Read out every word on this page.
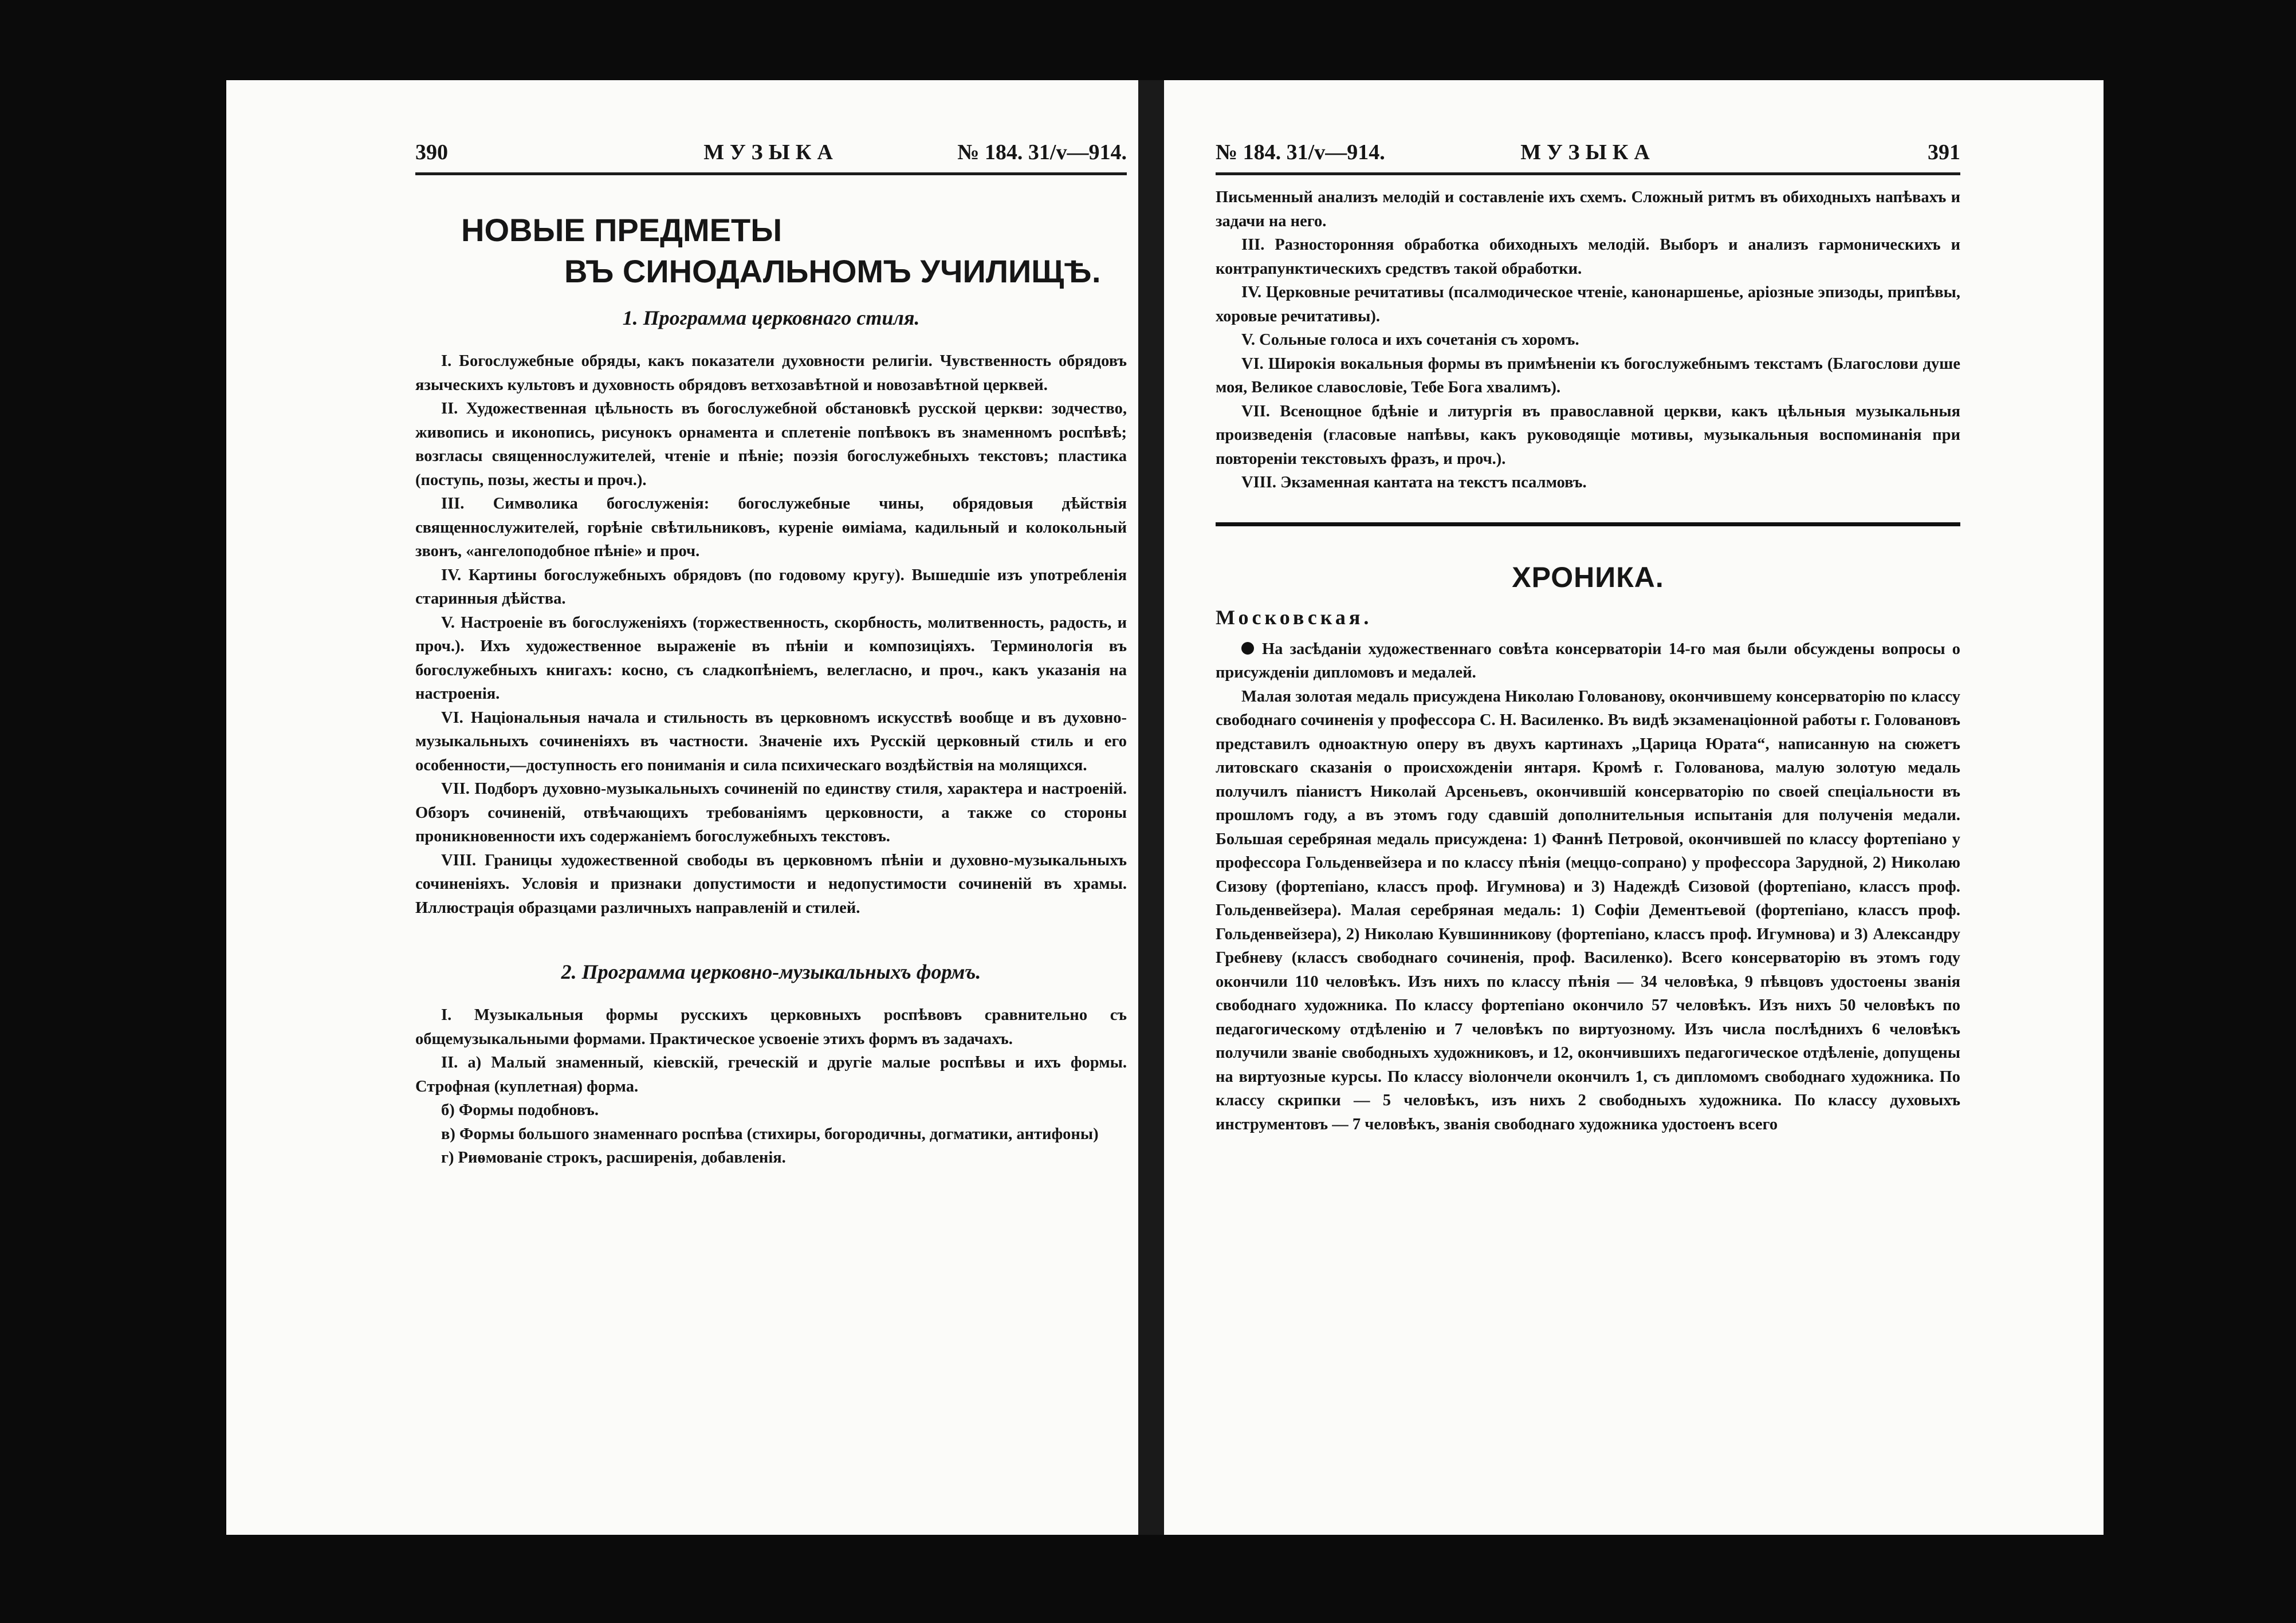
390	МУЗЫКА	№ 184. 31/v—914.
НОВЫЕ ПРЕДМЕТЫ
ВЪ СИНОДАЛЬНОМЪ УЧИЛИЩѢ.
1. Программа церковнаго стиля.

I. Богослужебные обряды, какъ показатели духовности религіи. Чувственность обрядовъ языческихъ культовъ и духовность обрядовъ ветхозавѣтной и новозавѣтной церквей.

II. Художественная цѣльность въ богослужебной обстановкѣ русской церкви: зодчество, живопись и иконопись, рисунокъ орнамента и сплетеніе попѣвокъ въ знаменномъ роспѣвѣ; возгласы священнослужителей, чтеніе и пѣніе; поэзія богослужебныхъ текстовъ; пластика (поступь, позы, жесты и проч.).

III. Символика богослуженія: богослужебные чины, обрядовыя дѣйствія священнослужителей, горѣніе свѣтильниковъ, куреніе ѳиміама, кадильный и колокольный звонъ, «ангелоподобное пѣніе» и проч.

IV. Картины богослужебныхъ обрядовъ (по годовому кругу). Вышедшіе изъ употребленія старинныя дѣйства.

V. Настроеніе въ богослуженіяхъ (торжественность, скорбность, молитвенность, радость, и проч.). Ихъ художественное выраженіе въ пѣніи и композиціяхъ. Терминологія въ богослужебныхъ книгахъ: косно, съ сладкопѣніемъ, велегласно, и проч., какъ указанія на настроенія.

VI. Національныя начала и стильность въ церковномъ искусствѣ вообще и въ духовно-музыкальныхъ сочиненіяхъ въ частности. Значеніе ихъ Русскій церковный стиль и его особенности,—доступность его пониманія и сила психическаго воздѣйствія на молящихся.

VII. Подборъ духовно-музыкальныхъ сочиненій по единству стиля, характера и настроеній. Обзоръ сочиненій, отвѣчающихъ требованіямъ церковности, а также со стороны проникновенности ихъ содержаніемъ богослужебныхъ текстовъ.

VIII. Границы художественной свободы въ церковномъ пѣніи и духовно-музыкальныхъ сочиненіяхъ. Условія и признаки допустимости и недопустимости сочиненій въ храмы. Иллюстрація образцами различныхъ направленій и стилей.

2. Программа церковно-музыкальныхъ формъ.

I. Музыкальныя формы русскихъ церковныхъ роспѣвовъ сравнительно съ общемузыкальными формами. Практическое усвоеніе этихъ формъ въ задачахъ.

II. а) Малый знаменный, кіевскій, греческій и другіе малые роспѣвы и ихъ формы. Строфная (куплетная) форма.

б) Формы подобновъ.

в) Формы большого знаменнаго роспѣва (стихиры, богородичны, догматики, антифоны)

г) Риѳмованіе строкъ, расширенія, добавленія.

№ 184. 31/v—914.	МУЗЫКА	391

Письменный анализъ мелодій и составленіе ихъ схемъ. Сложный ритмъ въ обиходныхъ напѣвахъ и задачи на него.

III. Разносторонняя обработка обиходныхъ мелодій. Выборъ и анализъ гармоническихъ и контрапунктическихъ средствъ такой обработки.

IV. Церковные речитативы (псалмодическое чтеніе, канонаршенье, аріозные эпизоды, припѣвы, хоровые речитативы).

V. Сольные голоса и ихъ сочетанія съ хоромъ.

VI. Широкія вокальныя формы въ примѣненіи къ богослужебнымъ текстамъ (Благослови душе моя, Великое славословіе, Тебе Бога хвалимъ).

VII. Всенощное бдѣніе и литургія въ православной церкви, какъ цѣльныя музыкальныя произведенія (гласовые напѣвы, какъ руководящіе мотивы, музыкальныя воспоминанія при повтореніи текстовыхъ фразъ, и проч.).

VIII. Экзаменная кантата на текстъ псалмовъ.

ХРОНИКА.
Московская.

На засѣданіи художественнаго совѣта консерваторіи 14-го мая были обсуждены вопросы о присужденіи дипломовъ и медалей.

Малая золотая медаль присуждена Николаю Голованову, окончившему консерваторію по классу свободнаго сочиненія у профессора С. Н. Василенко. Въ видѣ экзаменаціонной работы г. Головановъ представилъ одноактную оперу въ двухъ картинахъ „Царица Юрата“, написанную на сюжетъ литовскаго сказанія о происхожденіи янтаря. Кромѣ г. Голованова, малую золотую медаль получилъ піанистъ Николай Арсеньевъ, окончившій консерваторію по своей спеціальности въ прошломъ году, а въ этомъ году сдавшій дополнительныя испытанія для полученія медали. Большая серебряная медаль присуждена: 1) Фаннѣ Петровой, окончившей по классу фортепіано у профессора Гольденвейзера и по классу пѣнія (меццо-сопрано) у профессора Зарудной, 2) Николаю Сизову (фортепіано, классъ проф. Игумнова) и 3) Надеждѣ Сизовой (фортепіано, классъ проф. Гольденвейзера). Малая серебряная медаль: 1) Софіи Дементьевой (фортепіано, классъ проф. Гольденвейзера), 2) Николаю Кувшинникову (фортепіано, классъ проф. Игумнова) и 3) Александру Гребневу (классъ свободнаго сочиненія, проф. Василенко). Всего консерваторію въ этомъ году окончили 110 человѣкъ. Изъ нихъ по классу пѣнія — 34 человѣка, 9 пѣвцовъ удостоены званія свободнаго художника. По классу фортепіано окончило 57 человѣкъ. Изъ нихъ 50 человѣкъ по педагогическому отдѣленію и 7 человѣкъ по виртуозному. Изъ числа послѣднихъ 6 человѣкъ получили званіе свободныхъ художниковъ, и 12, окончившихъ педагогическое отдѣленіе, допущены на виртуозные курсы. По классу віолончели окончилъ 1, съ дипломомъ свободнаго художника. По классу скрипки — 5 человѣкъ, изъ нихъ 2 свободныхъ художника. По классу духовыхъ инструментовъ — 7 человѣкъ, званія свободнаго художника удостоенъ всего
